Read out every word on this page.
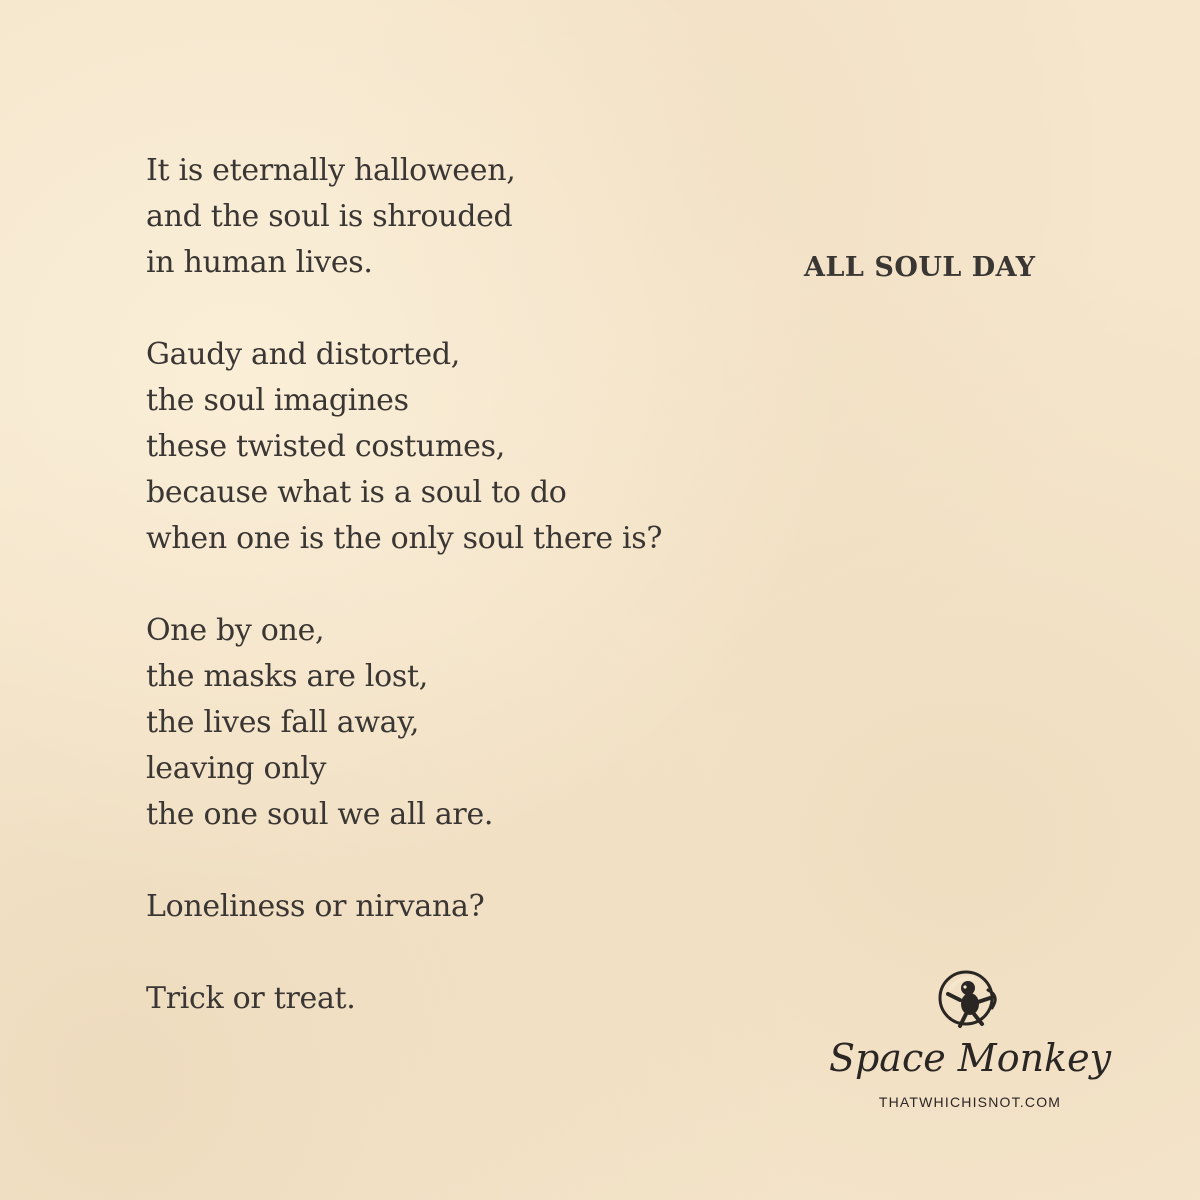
It is eternally halloween,
and the soul is shrouded
in human lives.
Gaudy and distorted,
the soul imagines
these twisted costumes,
because what is a soul to do
when one is the only soul there is?
One by one,
the masks are lost,
the lives fall away,
leaving only
the one soul we all are.
Loneliness or nirvana?
Trick or treat.
ALL SOUL DAY
Space Monkey
THATWHICHISNOT.COM
